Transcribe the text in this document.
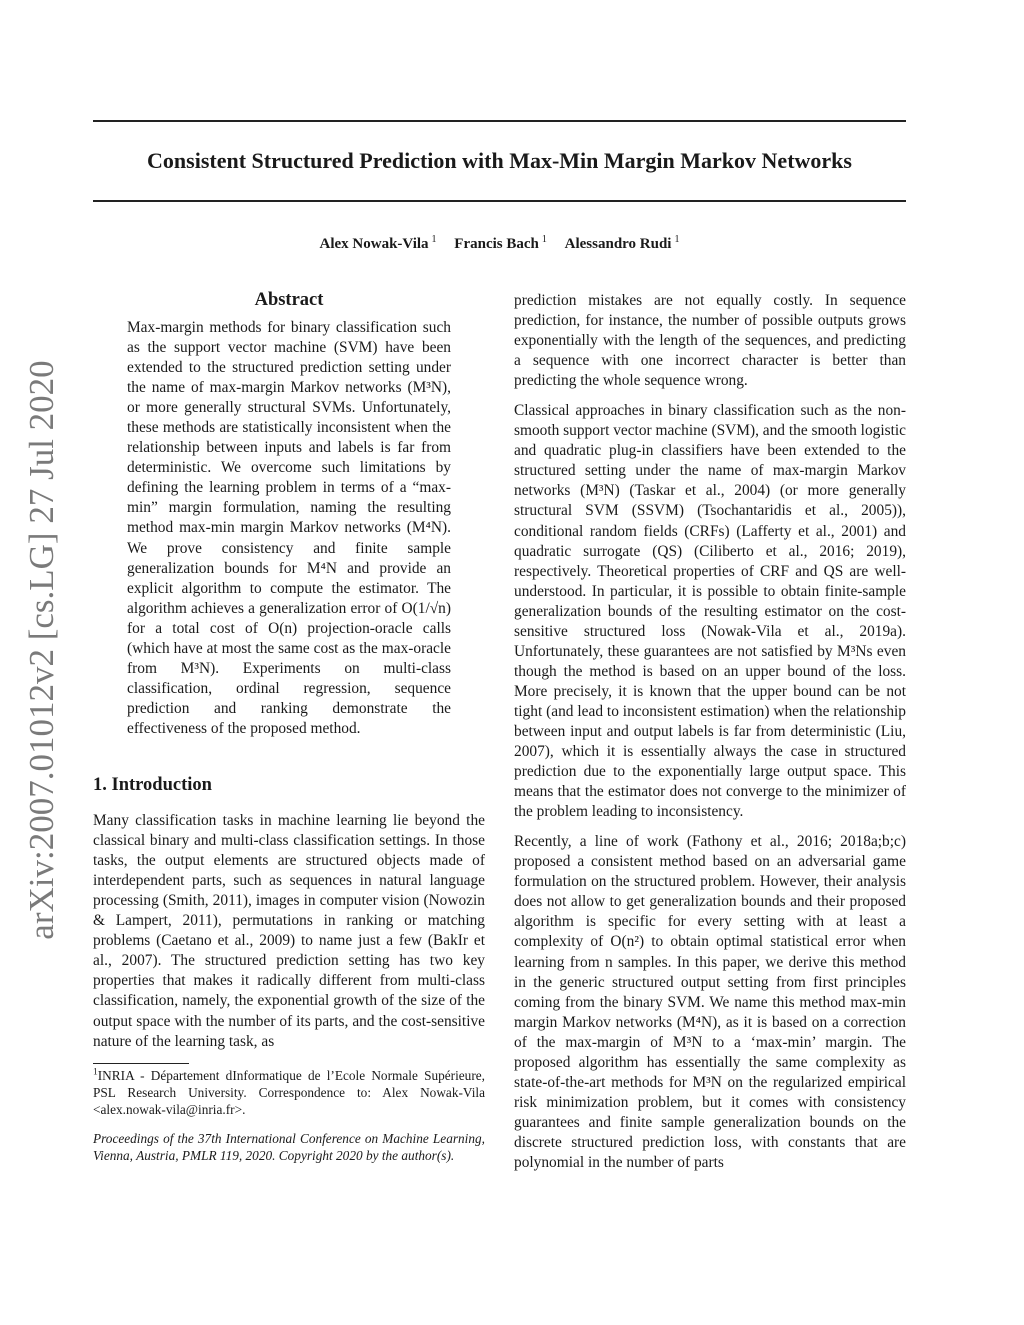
Consistent Structured Prediction with Max-Min Margin Markov Networks
Alex Nowak-Vila $^1$ Francis Bach $^1$ Alessandro Rudi $^1$
arXiv:2007.01012v2 [cs.LG] 27 Jul 2020
Abstract

Max-margin methods for binary classification such as the support vector machine (SVM) have been extended to the structured prediction setting under the name of max-margin Markov networks (M³N), or more generally structural SVMs. Unfortunately, these methods are statistically inconsistent when the relationship between inputs and labels is far from deterministic. We overcome such limitations by defining the learning problem in terms of a “max-min” margin formulation, naming the resulting method max-min margin Markov networks (M⁴N). We prove consistency and finite sample generalization bounds for M⁴N and provide an explicit algorithm to compute the estimator. The algorithm achieves a generalization error of O(1/√n) for a total cost of O(n) projection-oracle calls (which have at most the same cost as the max-oracle from M³N). Experiments on multi-class classification, ordinal regression, sequence prediction and ranking demonstrate the effectiveness of the proposed method.

1. Introduction

Many classification tasks in machine learning lie beyond the classical binary and multi-class classification settings. In those tasks, the output elements are structured objects made of interdependent parts, such as sequences in natural language processing (Smith, 2011), images in computer vision (Nowozin & Lampert, 2011), permutations in ranking or matching problems (Caetano et al., 2009) to name just a few (BakIr et al., 2007). The structured prediction setting has two key properties that makes it radically different from multi-class classification, namely, the exponential growth of the size of the output space with the number of its parts, and the cost-sensitive nature of the learning task, as

$^1$INRIA - Département dInformatique de l’Ecole Normale Supérieure, PSL Research University. Correspondence to: Alex Nowak-Vila <alex.nowak-vila@inria.fr>.
Proceedings of the 37th International Conference on Machine Learning, Vienna, Austria, PMLR 119, 2020. Copyright 2020 by the author(s).

prediction mistakes are not equally costly. In sequence prediction, for instance, the number of possible outputs grows exponentially with the length of the sequences, and predicting a sequence with one incorrect character is better than predicting the whole sequence wrong.

Classical approaches in binary classification such as the non-smooth support vector machine (SVM), and the smooth logistic and quadratic plug-in classifiers have been extended to the structured setting under the name of max-margin Markov networks (M³N) (Taskar et al., 2004) (or more generally structural SVM (SSVM) (Tsochantaridis et al., 2005)), conditional random fields (CRFs) (Lafferty et al., 2001) and quadratic surrogate (QS) (Ciliberto et al., 2016; 2019), respectively. Theoretical properties of CRF and QS are well-understood. In particular, it is possible to obtain finite-sample generalization bounds of the resulting estimator on the cost-sensitive structured loss (Nowak-Vila et al., 2019a). Unfortunately, these guarantees are not satisfied by M³Ns even though the method is based on an upper bound of the loss. More precisely, it is known that the upper bound can be not tight (and lead to inconsistent estimation) when the relationship between input and output labels is far from deterministic (Liu, 2007), which it is essentially always the case in structured prediction due to the exponentially large output space. This means that the estimator does not converge to the minimizer of the problem leading to inconsistency.

Recently, a line of work (Fathony et al., 2016; 2018a;b;c) proposed a consistent method based on an adversarial game formulation on the structured problem. However, their analysis does not allow to get generalization bounds and their proposed algorithm is specific for every setting with at least a complexity of O(n²) to obtain optimal statistical error when learning from n samples. In this paper, we derive this method in the generic structured output setting from first principles coming from the binary SVM. We name this method max-min margin Markov networks (M⁴N), as it is based on a correction of the max-margin of M³N to a ‘max-min’ margin. The proposed algorithm has essentially the same complexity as state-of-the-art methods for M³N on the regularized empirical risk minimization problem, but it comes with consistency guarantees and finite sample generalization bounds on the discrete structured prediction loss, with constants that are polynomial in the number of parts
